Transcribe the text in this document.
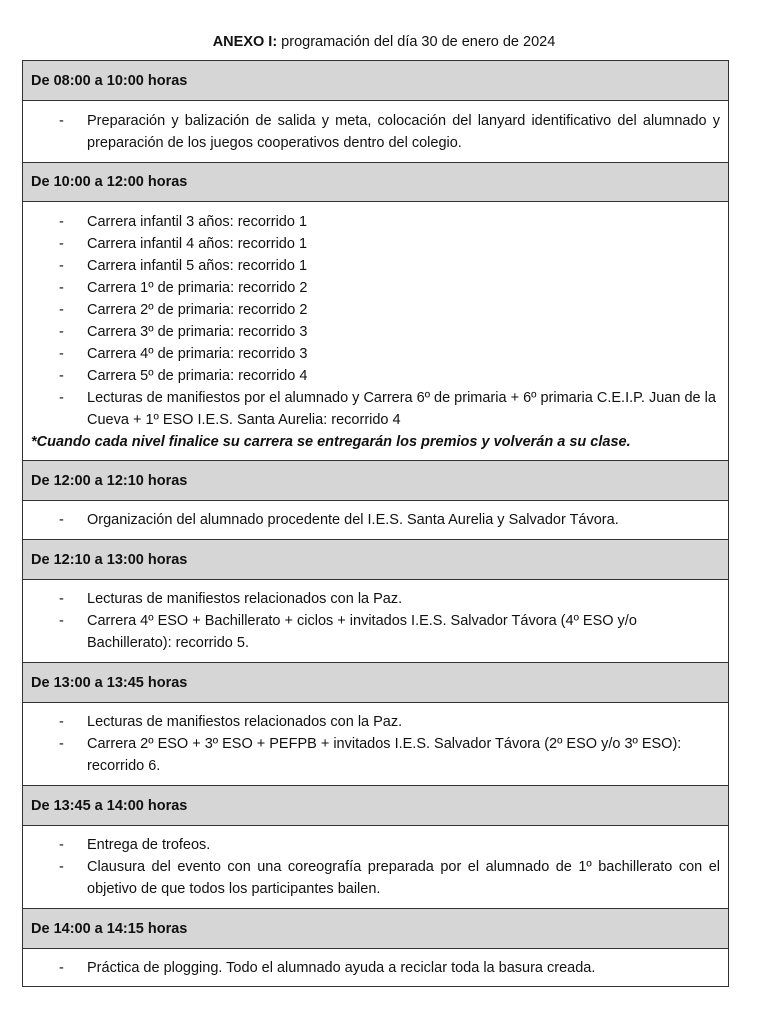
ANEXO I: programación del día 30 de enero de 2024
De 08:00 a 10:00 horas

- Preparación y balización de salida y meta, colocación del lanyard identificativo del alumnado y preparación de los juegos cooperativos dentro del colegio.

De 10:00 a 12:00 horas

- Carrera infantil 3 años: recorrido 1
- Carrera infantil 4 años: recorrido 1
- Carrera infantil 5 años: recorrido 1
- Carrera 1º de primaria: recorrido 2
- Carrera 2º de primaria: recorrido 2
- Carrera 3º de primaria: recorrido 3
- Carrera 4º de primaria: recorrido 3
- Carrera 5º de primaria: recorrido 4
- Lecturas de manifiestos por el alumnado y Carrera 6º de primaria + 6º primaria C.E.I.P. Juan de la Cueva + 1º ESO I.E.S. Santa Aurelia: recorrido 4
*Cuando cada nivel finalice su carrera se entregarán los premios y volverán a su clase.

De 12:00 a 12:10 horas

- Organización del alumnado procedente del I.E.S. Santa Aurelia y Salvador Távora.

De 12:10 a 13:00 horas

- Lecturas de manifiestos relacionados con la Paz.
- Carrera 4º ESO + Bachillerato + ciclos + invitados I.E.S. Salvador Távora (4º ESO y/o Bachillerato): recorrido 5.

De 13:00 a 13:45 horas

- Lecturas de manifiestos relacionados con la Paz.
- Carrera 2º ESO + 3º ESO + PEFPB + invitados I.E.S. Salvador Távora (2º ESO y/o 3º ESO): recorrido 6.

De 13:45 a 14:00 horas

- Entrega de trofeos.
- Clausura del evento con una coreografía preparada por el alumnado de 1º bachillerato con el objetivo de que todos los participantes bailen.

De 14:00 a 14:15 horas

- Práctica de plogging. Todo el alumnado ayuda a reciclar toda la basura creada.
